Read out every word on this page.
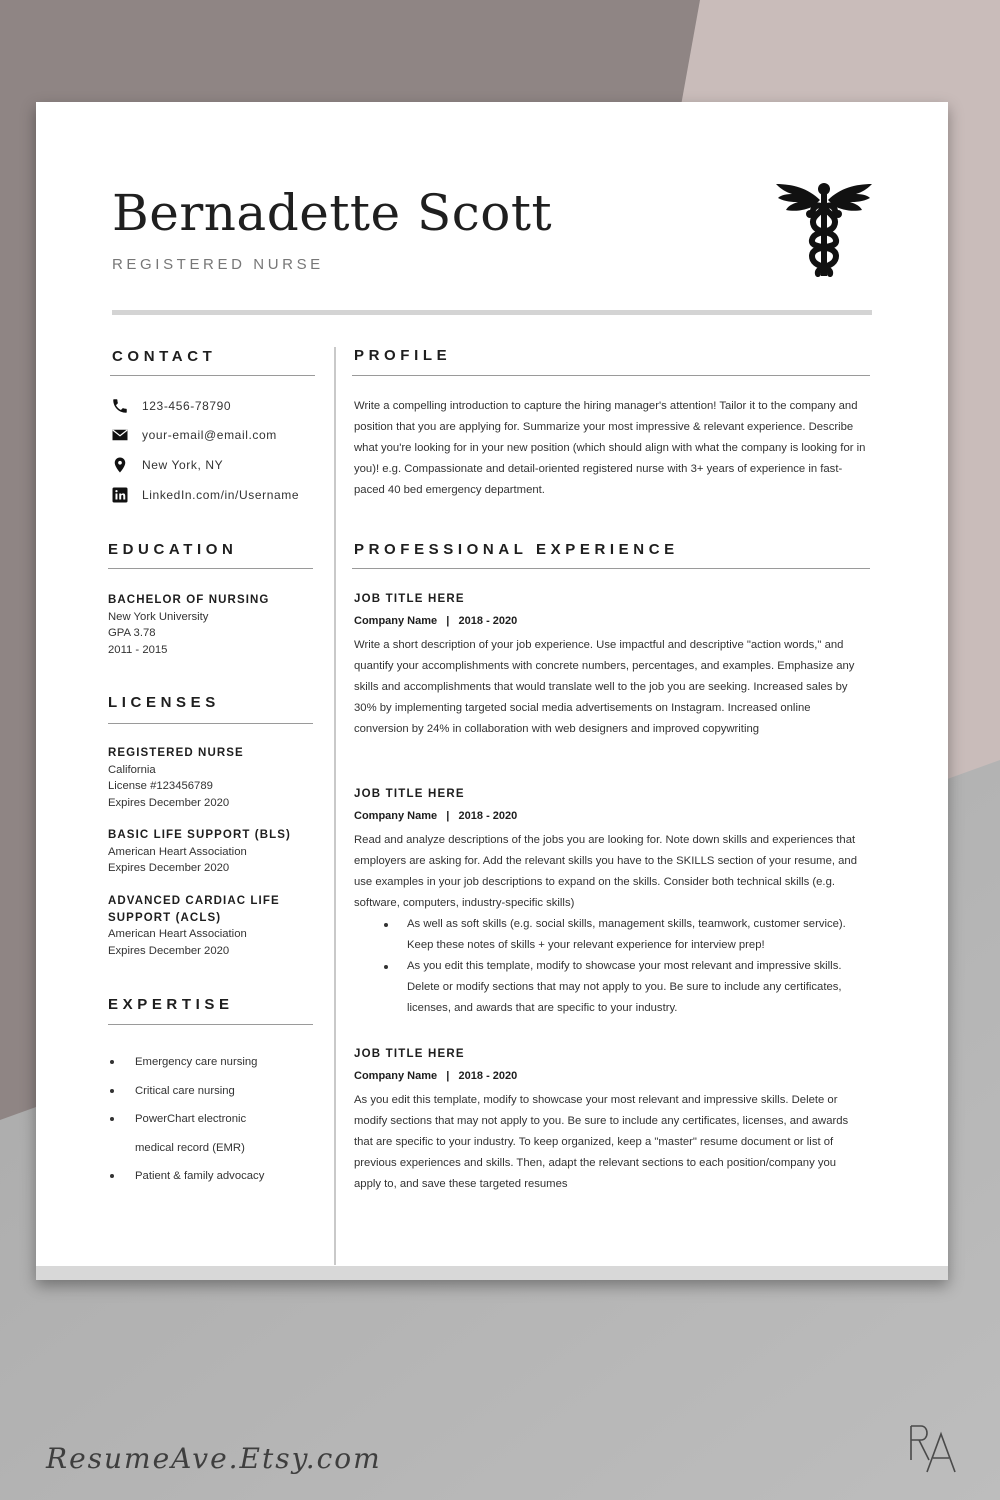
Bernadette Scott
REGISTERED NURSE
CONTACT
123-456-78790
your-email@email.com
New York, NY
LinkedIn.com/in/Username
EDUCATION
BACHELOR OF NURSING
New York University
GPA 3.78
2011 - 2015
LICENSES
REGISTERED NURSE
California
License #123456789
Expires December 2020
BASIC LIFE SUPPORT (BLS)
American Heart Association
Expires December 2020
ADVANCED CARDIAC LIFE
SUPPORT (ACLS)
American Heart Association
Expires December 2020
EXPERTISE
Emergency care nursing
Critical care nursing
PowerChart electronic
medical record (EMR)
Patient & family advocacy
PROFILE
Write a compelling introduction to capture the hiring manager's attention! Tailor it to the company and position that you are applying for. Summarize your most impressive & relevant experience. Describe what you're looking for in your new position (which should align with what the company is looking for in you)! e.g. Compassionate and detail-oriented registered nurse with 3+ years of experience in fast-paced 40 bed emergency department.
PROFESSIONAL EXPERIENCE
JOB TITLE HERE
Company Name   |   2018 - 2020
Write a short description of your job experience. Use impactful and descriptive "action words," and quantify your accomplishments with concrete numbers, percentages, and examples. Emphasize any skills and accomplishments that would translate well to the job you are seeking. Increased sales by 30% by implementing targeted social media advertisements on Instagram. Increased online conversion by 24% in collaboration with web designers and improved copywriting
JOB TITLE HERE
Company Name   |   2018 - 2020
Read and analyze descriptions of the jobs you are looking for. Note down skills and experiences that employers are asking for. Add the relevant skills you have to the SKILLS section of your resume, and use examples in your job descriptions to expand on the skills. Consider both technical skills (e.g. software, computers, industry-specific skills)
As well as soft skills (e.g. social skills, management skills, teamwork, customer service). Keep these notes of skills + your relevant experience for interview prep!
As you edit this template, modify to showcase your most relevant and impressive skills. Delete or modify sections that may not apply to you. Be sure to include any certificates, licenses, and awards that are specific to your industry.
JOB TITLE HERE
Company Name   |   2018 - 2020
As you edit this template, modify to showcase your most relevant and impressive skills. Delete or modify sections that may not apply to you. Be sure to include any certificates, licenses, and awards that are specific to your industry. To keep organized, keep a "master" resume document or list of previous experiences and skills. Then, adapt the relevant sections to each position/company you apply to, and save these targeted resumes
ResumeAve.Etsy.com
